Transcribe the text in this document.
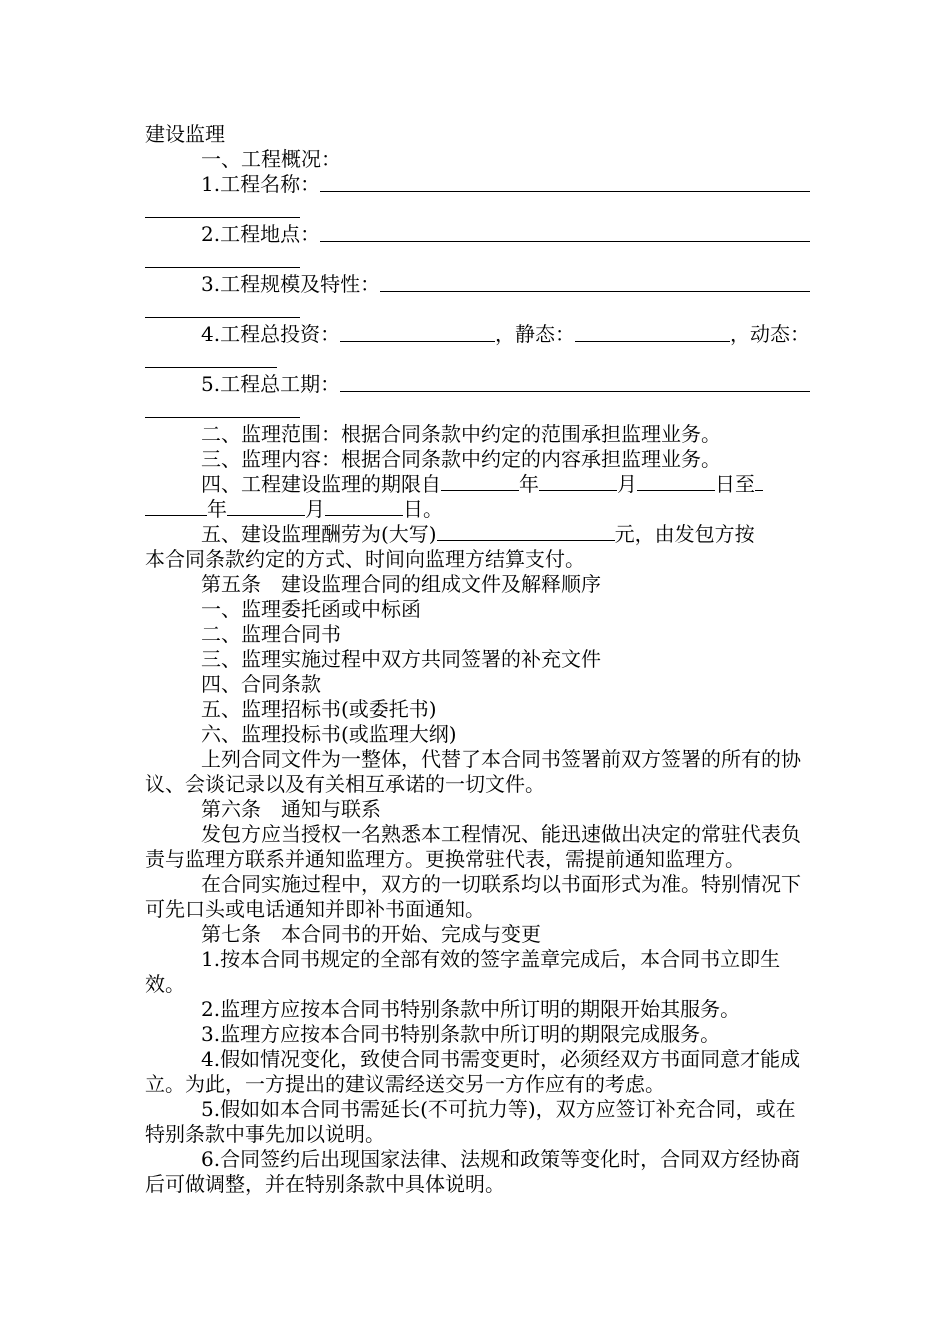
建设监理
一、工程概况：
1.工程名称：
2.工程地点：
3.工程规模及特性：
4.工程总投资：	，静态：	，动态：
5.工程总工期：
二、监理范围：根据合同条款中约定的范围承担监理业务。
三、监理内容：根据合同条款中约定的内容承担监理业务。
四、工程建设监理的期限自	年	月	日至
年	月	日。
五、建设监理酬劳为(大写)	元，由发包方按
本合同条款约定的方式、时间向监理方结算支付。
第五条　建设监理合同的组成文件及解释顺序
一、监理委托函或中标函
二、监理合同书
三、监理实施过程中双方共同签署的补充文件
四、合同条款
五、监理招标书(或委托书)
六、监理投标书(或监理大纲)
上列合同文件为一整体，代替了本合同书签署前双方签署的所有的协议、会谈记录以及有关相互承诺的一切文件。
第六条　通知与联系
发包方应当授权一名熟悉本工程情况、能迅速做出决定的常驻代表负责与监理方联系并通知监理方。更换常驻代表，需提前通知监理方。
在合同实施过程中，双方的一切联系均以书面形式为准。特别情况下可先口头或电话通知并即补书面通知。
第七条　本合同书的开始、完成与变更
1.按本合同书规定的全部有效的签字盖章完成后，本合同书立即生效。
2.监理方应按本合同书特别条款中所订明的期限开始其服务。
3.监理方应按本合同书特别条款中所订明的期限完成服务。
4.假如情况变化，致使合同书需变更时，必须经双方书面同意才能成立。为此，一方提出的建议需经送交另一方作应有的考虑。
5.假如如本合同书需延长(不可抗力等)，双方应签订补充合同，或在特别条款中事先加以说明。
6.合同签约后出现国家法律、法规和政策等变化时，合同双方经协商后可做调整，并在特别条款中具体说明。
